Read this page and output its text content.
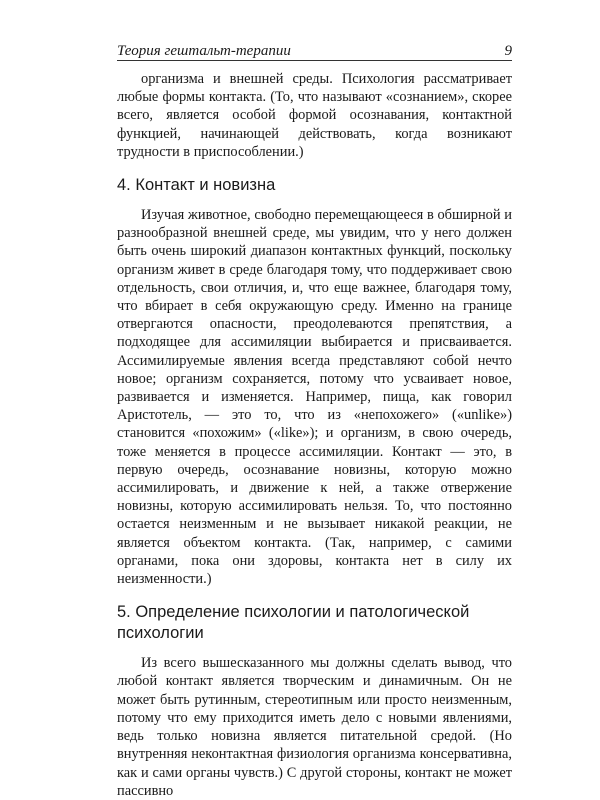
Теория гештальт-терапии	9

организма и внешней среды. Психология рассматривает любые формы контакта. (То, что называют «сознанием», скорее всего, является особой формой осознавания, контактной функцией, начинающей действовать, когда возникают трудности в приспособлении.)

4. Контакт и новизна

Изучая животное, свободно перемещающееся в обширной и разнообразной внешней среде, мы увидим, что у него должен быть очень широкий диапазон контактных функций, поскольку организм живет в среде благодаря тому, что поддерживает свою отдельность, свои отличия, и, что еще важнее, благодаря тому, что вбирает в себя окружающую среду. Именно на границе отвергаются опасности, преодолеваются препятствия, а подходящее для ассимиляции выбирается и присваивается. Ассимилируемые явления всегда представляют собой нечто новое; организм сохраняется, потому что усваивает новое, развивается и изменяется. Например, пища, как говорил Аристотель, — это то, что из «непохожего» («unlike») становится «похожим» («like»); и организм, в свою очередь, тоже меняется в процессе ассимиляции. Контакт — это, в первую очередь, осознавание новизны, которую можно ассимилировать, и движение к ней, а также отвержение новизны, которую ассимилировать нельзя. То, что постоянно остается неизменным и не вызывает никакой реакции, не является объектом контакта. (Так, например, с самими органами, пока они здоровы, контакта нет в силу их неизменности.)

5. Определение психологии и патологической психологии

Из всего вышесказанного мы должны сделать вывод, что любой контакт является творческим и динамичным. Он не может быть рутинным, стереотипным или просто неизменным, потому что ему приходится иметь дело с новыми явлениями, ведь только новизна является питательной средой. (Но внутренняя неконтактная физиология организма консервативна, как и сами органы чувств.) С другой стороны, контакт не может пассивно
